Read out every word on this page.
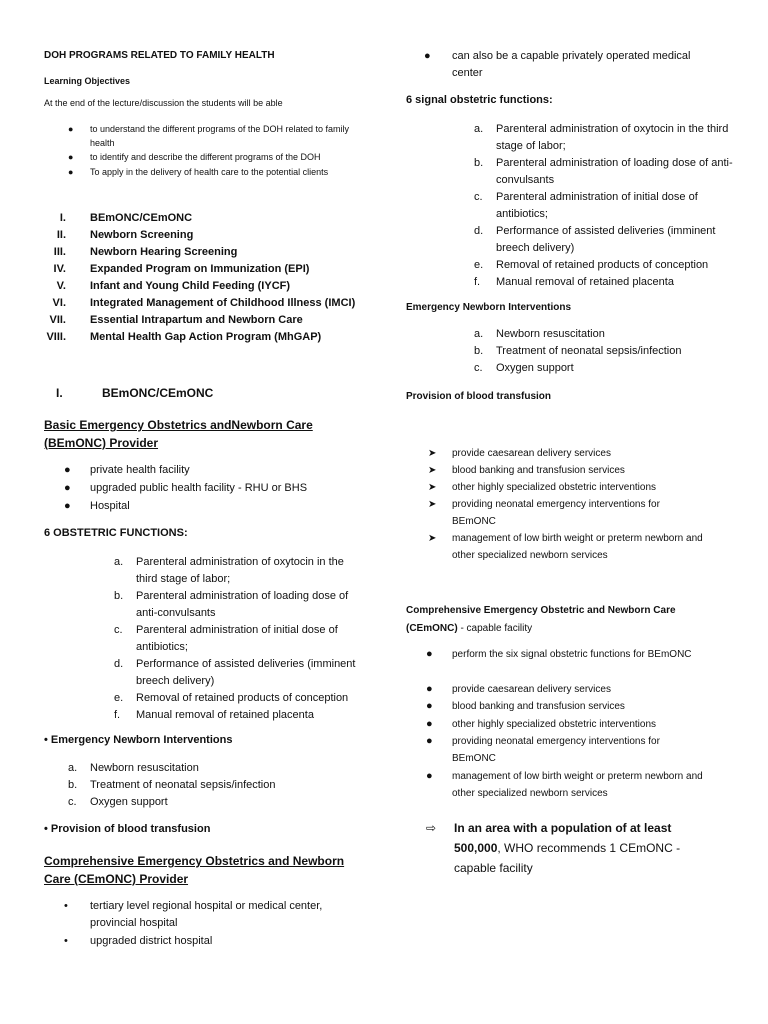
DOH PROGRAMS RELATED TO FAMILY HEALTH
Learning Objectives
At the end of the lecture/discussion the students will be able
●	to understand the different programs of the DOH related to family health
●	to identify and describe the different programs of the DOH
●	To apply in the delivery of health care to the potential clients
I.	BEmONC/CEmONC
II.	Newborn Screening
III.	Newborn Hearing Screening
IV.	Expanded Program on Immunization (EPI)
V.	Infant and Young Child Feeding (IYCF)
VI.	Integrated Management of Childhood Illness (IMCI)
VII.	Essential Intrapartum and Newborn Care
VIII.	Mental Health Gap Action Program (MhGAP)
I.	BEmONC/CEmONC
Basic Emergency Obstetrics andNewborn Care (BEmONC) Provider
●	private health facility
●	upgraded public health facility - RHU or BHS
●	Hospital
6 OBSTETRIC FUNCTIONS:
a.	Parenteral administration of oxytocin in the third stage of labor;
b.	Parenteral administration of loading dose of anti-convulsants
c.	Parenteral administration of initial dose of antibiotics;
d.	Performance of assisted deliveries (imminent breech delivery)
e.	Removal of retained products of conception
f.	Manual removal of retained placenta
• Emergency Newborn Interventions
a.	Newborn resuscitation
b.	Treatment of neonatal sepsis/infection
c.	Oxygen support
• Provision of blood transfusion
Comprehensive Emergency Obstetrics and Newborn Care (CEmONC) Provider
•	tertiary level regional hospital or medical center, provincial hospital
•	upgraded district hospital
●	can also be a capable privately operated medical center
6 signal obstetric functions:
a.	Parenteral administration of oxytocin in the third stage of labor;
b.	Parenteral administration of loading dose of anti-convulsants
c.	Parenteral administration of initial dose of antibiotics;
d.	Performance of assisted deliveries (imminent breech delivery)
e.	Removal of retained products of conception
f.	Manual removal of retained placenta
Emergency Newborn Interventions
a.	Newborn resuscitation
b.	Treatment of neonatal sepsis/infection
c.	Oxygen support
Provision of blood transfusion
➤	provide caesarean delivery services
➤	blood banking and transfusion services
➤	other highly specialized obstetric interventions
➤	providing neonatal emergency interventions for BEmONC
➤	management of low birth weight or preterm newborn and other specialized newborn services
Comprehensive Emergency Obstetric and Newborn Care
(CEmONC) - capable facility
●	perform the six signal obstetric functions for BEmONC
●	provide caesarean delivery services
●	blood banking and transfusion services
●	other highly specialized obstetric interventions
●	providing neonatal emergency interventions for BEmONC
●	management of low birth weight or preterm newborn and other specialized newborn services
⇨	In an area with a population of at least
500,000, WHO recommends 1 CEmONC -
capable facility
